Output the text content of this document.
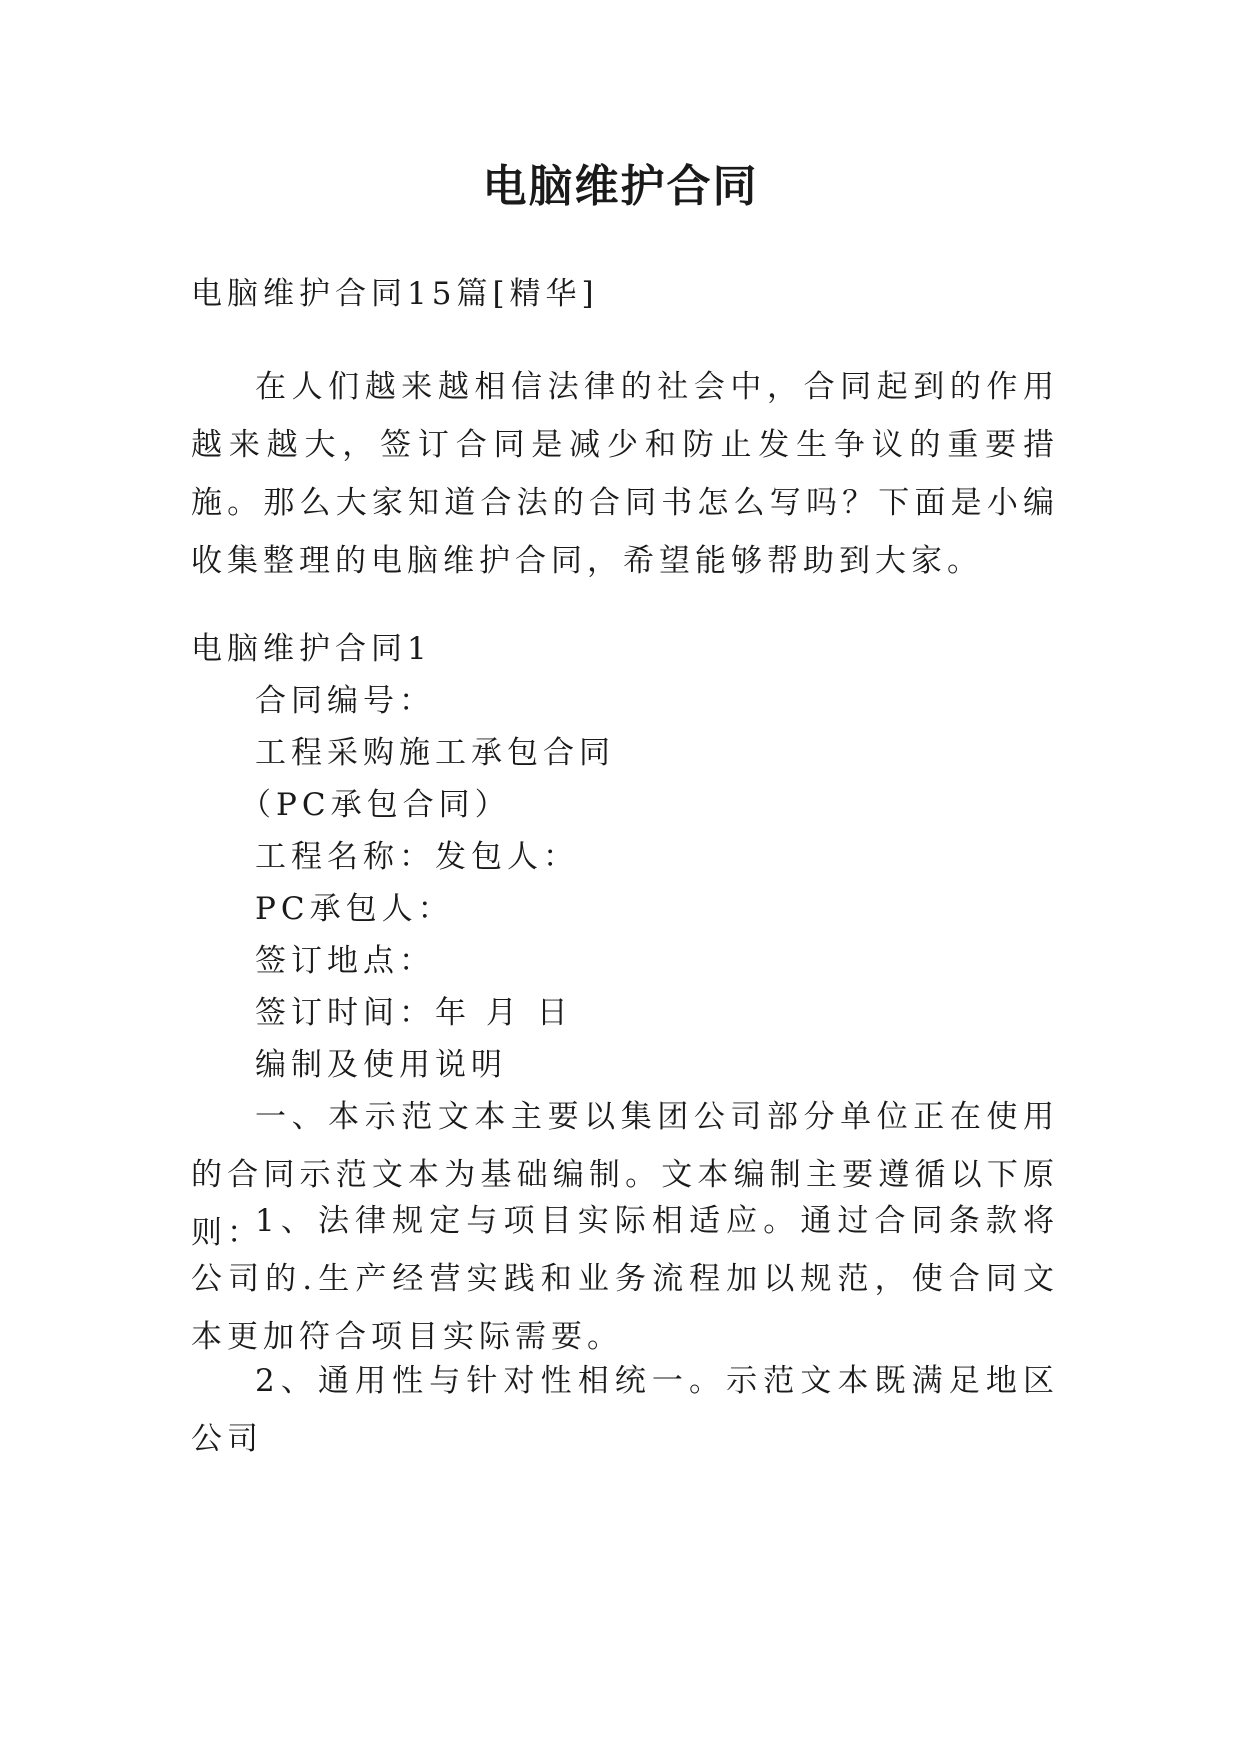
电脑维护合同
电脑维护合同15篇[精华]
在人们越来越相信法律的社会中，合同起到的作用越来越大，签订合同是减少和防止发生争议的重要措施。那么大家知道合法的合同书怎么写吗？下面是小编收集整理的电脑维护合同，希望能够帮助到大家。
电脑维护合同1
合同编号：
工程采购施工承包合同
（PC承包合同）
工程名称：发包人：
PC承包人：
签订地点：
签订时间：年 月 日
编制及使用说明
一、本示范文本主要以集团公司部分单位正在使用的合同示范文本为基础编制。文本编制主要遵循以下原则：
1、法律规定与项目实际相适应。通过合同条款将公司的.生产经营实践和业务流程加以规范，使合同文本更加符合项目实际需要。
2、通用性与针对性相统一。示范文本既满足地区公司
